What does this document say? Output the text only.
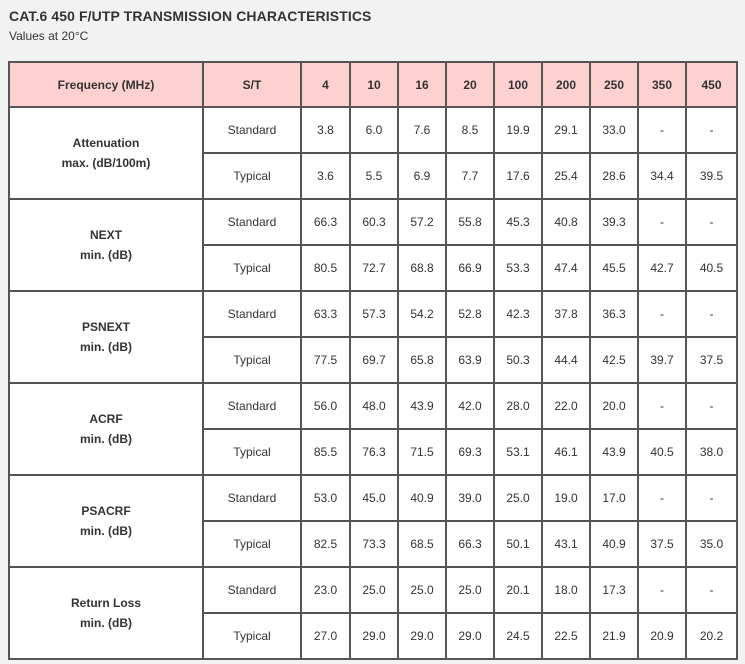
CAT.6 450 F/UTP TRANSMISSION CHARACTERISTICS
Values at 20°C
Frequency (MHz)	S/T	4	10	16	20	100	200	250	350	450

Attenuation
max. (dB/100m)	Standard	3.8	6.0	7.6	8.5	19.9	29.1	33.0	-	-
	Typical	3.6	5.5	6.9	7.7	17.6	25.4	28.6	34.4	39.5

NEXT
min. (dB)	Standard	66.3	60.3	57.2	55.8	45.3	40.8	39.3	-	-
	Typical	80.5	72.7	68.8	66.9	53.3	47.4	45.5	42.7	40.5

PSNEXT
min. (dB)	Standard	63.3	57.3	54.2	52.8	42.3	37.8	36.3	-	-
	Typical	77.5	69.7	65.8	63.9	50.3	44.4	42.5	39.7	37.5

ACRF
min. (dB)	Standard	56.0	48.0	43.9	42.0	28.0	22.0	20.0	-	-
	Typical	85.5	76.3	71.5	69.3	53.1	46.1	43.9	40.5	38.0

PSACRF
min. (dB)	Standard	53.0	45.0	40.9	39.0	25.0	19.0	17.0	-	-
	Typical	82.5	73.3	68.5	66.3	50.1	43.1	40.9	37.5	35.0

Return Loss
min. (dB)	Standard	23.0	25.0	25.0	25.0	20.1	18.0	17.3	-	-
	Typical	27.0	29.0	29.0	29.0	24.5	22.5	21.9	20.9	20.2
